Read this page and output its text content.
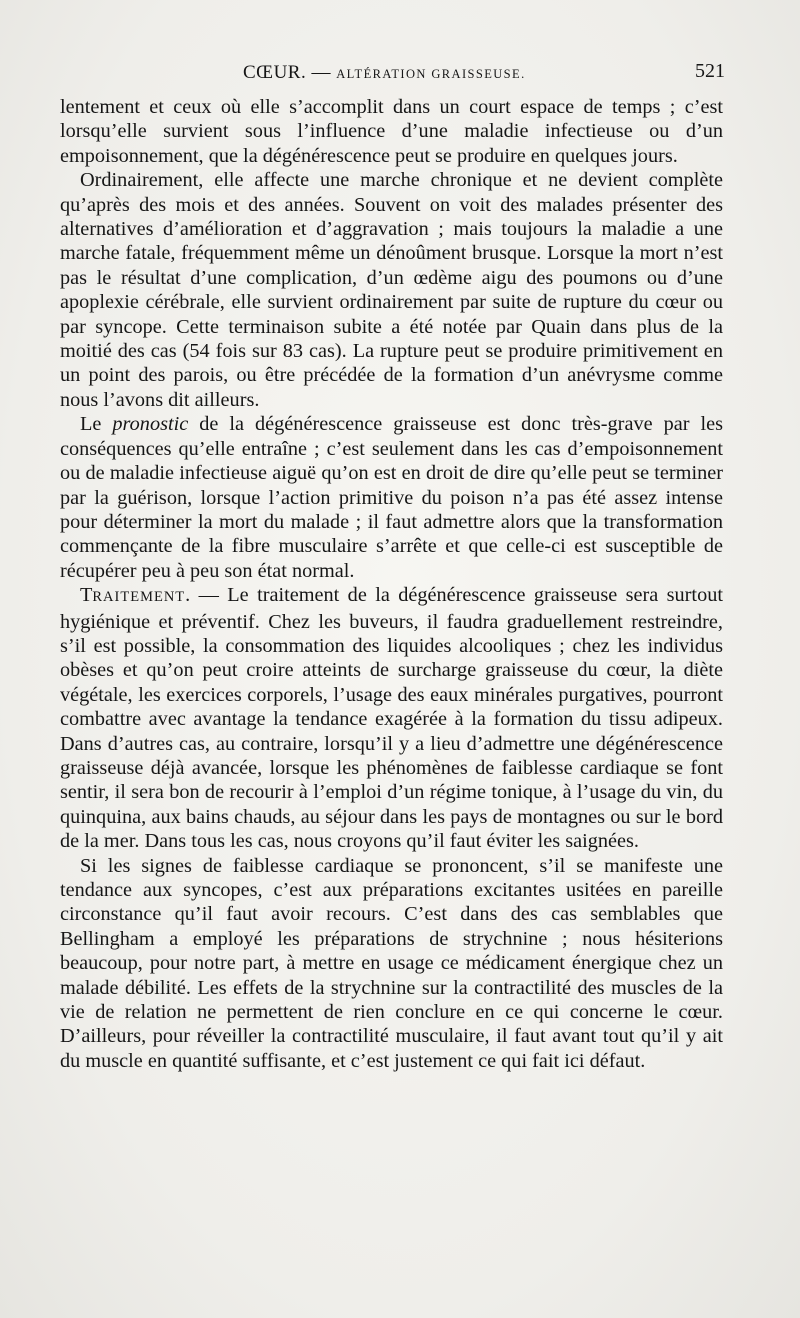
CŒUR. — ALTÉRATION GRAISSEUSE.	521

lentement et ceux où elle s’accomplit dans un court espace de temps ; c’est lorsqu’elle survient sous l’influence d’une maladie infectieuse ou d’un empoisonnement, que la dégénérescence peut se produire en quelques jours.

Ordinairement, elle affecte une marche chronique et ne devient complète qu’après des mois et des années. Souvent on voit des malades présenter des alternatives d’amélioration et d’aggravation ; mais toujours la maladie a une marche fatale, fréquemment même un dénoûment brusque. Lorsque la mort n’est pas le résultat d’une complication, d’un œdème aigu des poumons ou d’une apoplexie cérébrale, elle survient ordinairement par suite de rupture du cœur ou par syncope. Cette terminaison subite a été notée par Quain dans plus de la moitié des cas (54 fois sur 83 cas). La rupture peut se produire primitivement en un point des parois, ou être précédée de la formation d’un anévrysme comme nous l’avons dit ailleurs.

Le pronostic de la dégénérescence graisseuse est donc très-grave par les conséquences qu’elle entraîne ; c’est seulement dans les cas d’empoisonnement ou de maladie infectieuse aiguë qu’on est en droit de dire qu’elle peut se terminer par la guérison, lorsque l’action primitive du poison n’a pas été assez intense pour déterminer la mort du malade ; il faut admettre alors que la transformation commençante de la fibre musculaire s’arrête et que celle-ci est susceptible de récupérer peu à peu son état normal.

TRAITEMENT. — Le traitement de la dégénérescence graisseuse sera surtout hygiénique et préventif. Chez les buveurs, il faudra graduellement restreindre, s’il est possible, la consommation des liquides alcooliques ; chez les individus obèses et qu’on peut croire atteints de surcharge graisseuse du cœur, la diète végétale, les exercices corporels, l’usage des eaux minérales purgatives, pourront combattre avec avantage la tendance exagérée à la formation du tissu adipeux. Dans d’autres cas, au contraire, lorsqu’il y a lieu d’admettre une dégénérescence graisseuse déjà avancée, lorsque les phénomènes de faiblesse cardiaque se font sentir, il sera bon de recourir à l’emploi d’un régime tonique, à l’usage du vin, du quinquina, aux bains chauds, au séjour dans les pays de montagnes ou sur le bord de la mer. Dans tous les cas, nous croyons qu’il faut éviter les saignées.

Si les signes de faiblesse cardiaque se prononcent, s’il se manifeste une tendance aux syncopes, c’est aux préparations excitantes usitées en pareille circonstance qu’il faut avoir recours. C’est dans des cas semblables que Bellingham a employé les préparations de strychnine ; nous hésiterions beaucoup, pour notre part, à mettre en usage ce médicament énergique chez un malade débilité. Les effets de la strychnine sur la contractilité des muscles de la vie de relation ne permettent de rien conclure en ce qui concerne le cœur. D’ailleurs, pour réveiller la contractilité musculaire, il faut avant tout qu’il y ait du muscle en quantité suffisante, et c’est justement ce qui fait ici défaut.
